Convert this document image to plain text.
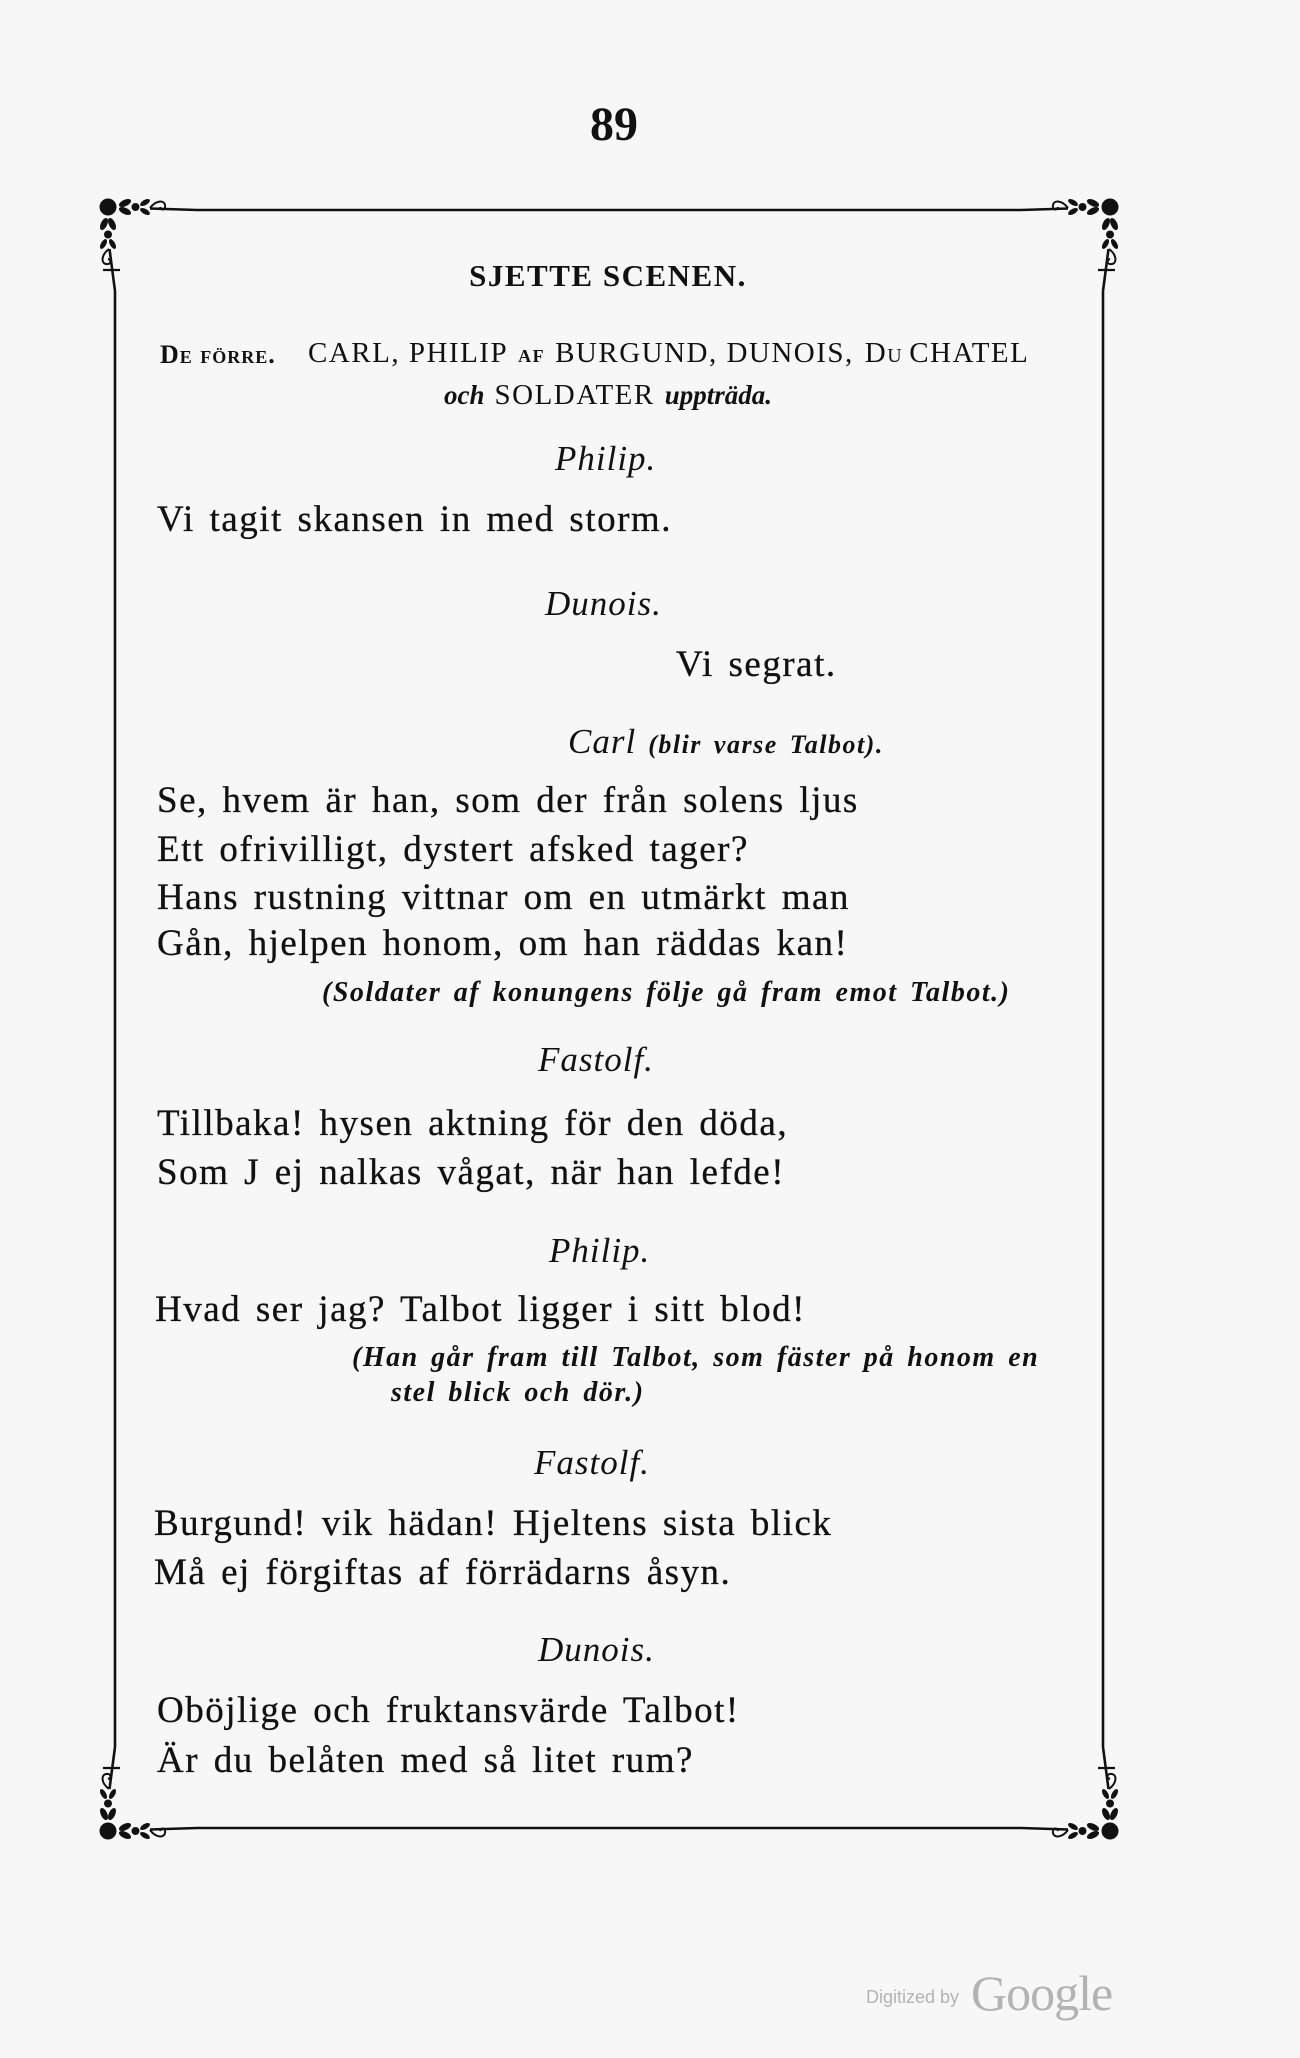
89
SJETTE SCENEN.
De förre. CARL, PHILIP af BURGUND, DUNOIS, Du CHATEL
och SOLDATER uppträda.
Philip.
Vi tagit skansen in med storm.
Dunois.
Vi segrat.
Carl (blir varse Talbot).
Se, hvem är han, som der från solens ljus
Ett ofrivilligt, dystert afsked tager?
Hans rustning vittnar om en utmärkt man
Gån, hjelpen honom, om han räddas kan!
(Soldater af konungens följe gå fram emot Talbot.)
Fastolf.
Tillbaka! hysen aktning för den döda,
Som J ej nalkas vågat, när han lefde!
Philip.
Hvad ser jag? Talbot ligger i sitt blod!
(Han går fram till Talbot, som fäster på honom en
stel blick och dör.)
Fastolf.
Burgund! vik hädan! Hjeltens sista blick
Må ej förgiftas af förrädarns åsyn.
Dunois.
Oböjlige och fruktansvärde Talbot!
Är du belåten med så litet rum?
Digitized by Google
